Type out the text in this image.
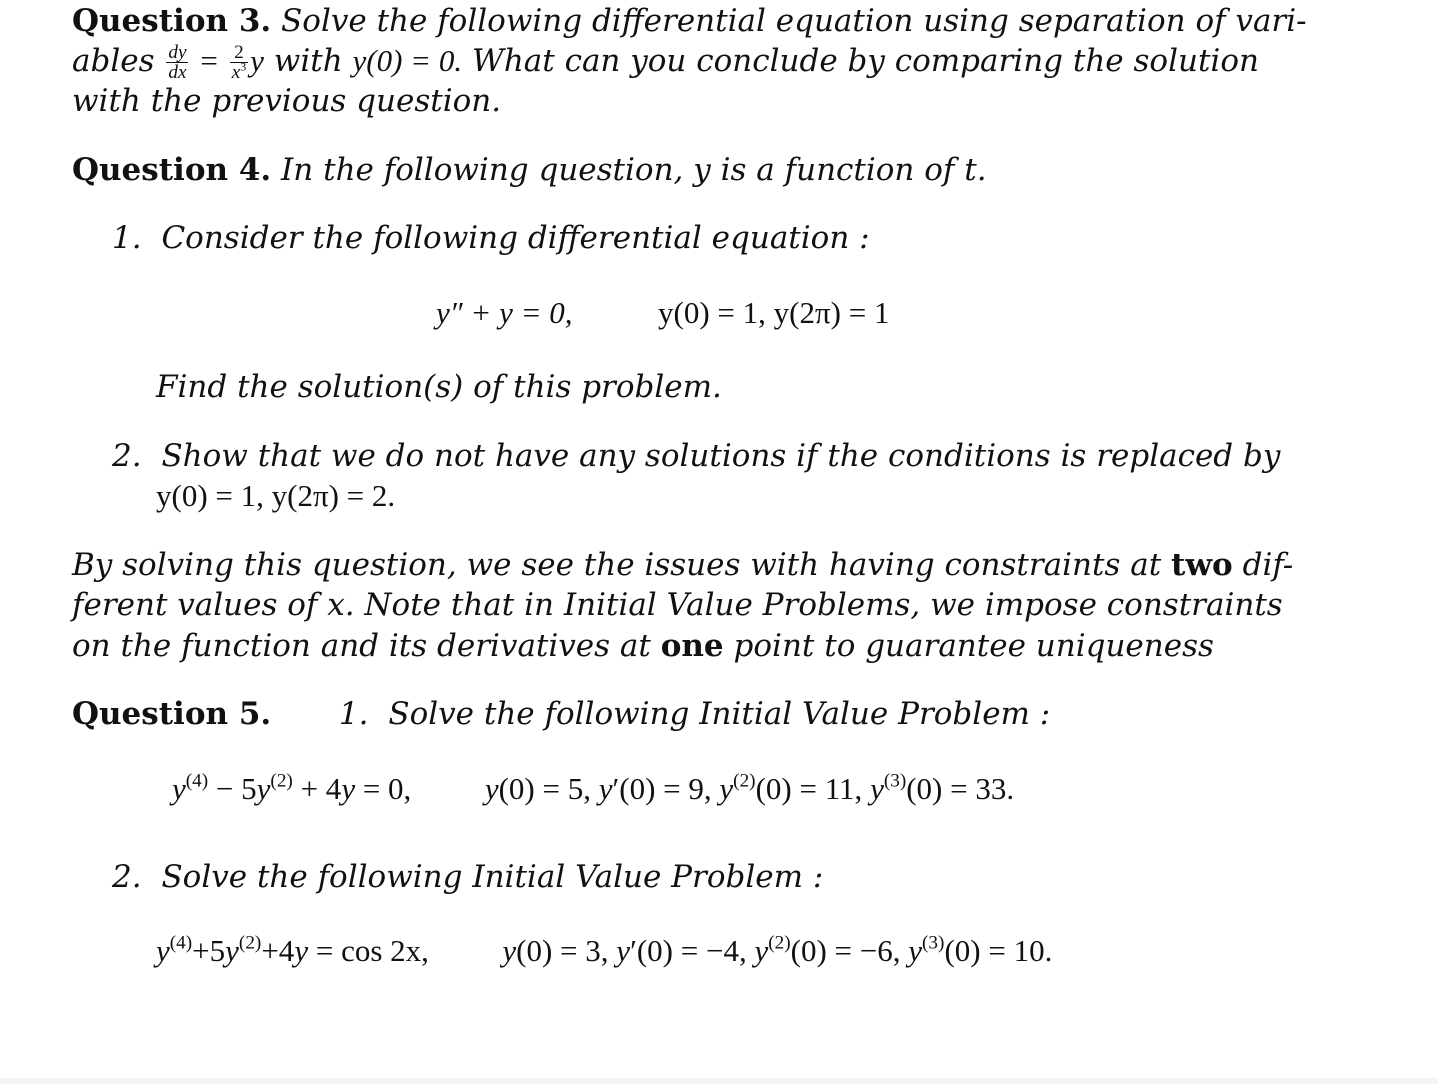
Question 3. Solve the following differential equation using separation of vari-
ables $\frac{dy}{dx} = \frac{2}{x^3}$ y with y(0) = 0. What can you conclude by comparing the solution
with the previous question.
Question 4. In the following question, y is a function of t.
1. Consider the following differential equation :
y″ + y = 0,	y(0) = 1, y(2π) = 1
Find the solution(s) of this problem.
2. Show that we do not have any solutions if the conditions is replaced by
y(0) = 1, y(2π) = 2.
By solving this question, we see the issues with having constraints at two dif-
ferent values of x. Note that in Initial Value Problems, we impose constraints
on the function and its derivatives at one point to guarantee uniqueness
Question 5. 1. Solve the following Initial Value Problem :
$y^{(4)} - 5y^{(2)} + 4y = 0$,  y(0) = 5, y′(0) = 9, $y^{(2)}(0) = 11$, $y^{(3)}(0) = 33$.
2. Solve the following Initial Value Problem :
$y^{(4)}+5y^{(2)}+4y = \cos 2x$, y(0) = 3, y′(0) = −4, $y^{(2)}(0) = -6$, $y^{(3)}(0) = 10$.
